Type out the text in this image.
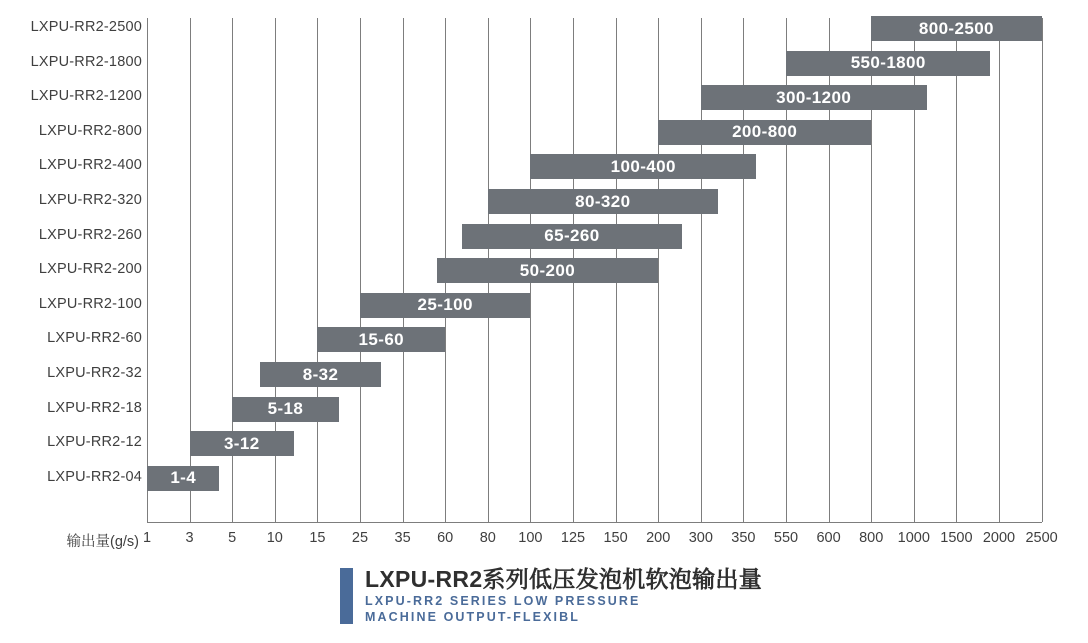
LXPU-RR2-2500
LXPU-RR2-1800
LXPU-RR2-1200
LXPU-RR2-800
LXPU-RR2-400
LXPU-RR2-320
LXPU-RR2-260
LXPU-RR2-200
LXPU-RR2-100
LXPU-RR2-60
LXPU-RR2-32
LXPU-RR2-18
LXPU-RR2-12
LXPU-RR2-04
800-2500
550-1800
300-1200
200-800
100-400
80-320
65-260
50-200
25-100
15-60
8-32
5-18
3-12
1-4
1	3	5	10	15	25	35	60	80	100	125	150	200	300	350	550	600	800 1000 1500 2000 2500
输出量(g/s)
LXPU-RR2系列低压发泡机软泡输出量
LXPU-RR2 SERIES LOW PRESSURE
MACHINE OUTPUT-FLEXIBL
